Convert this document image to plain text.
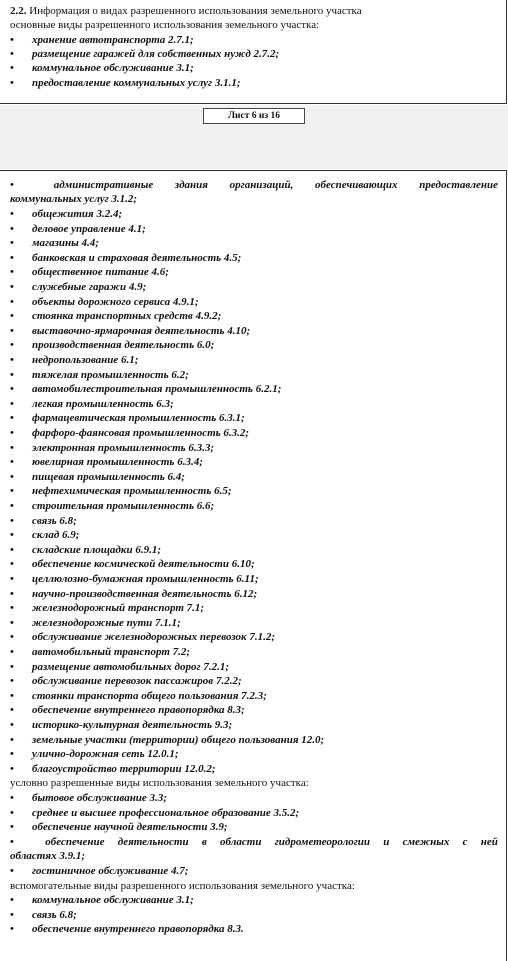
2.2. Информация о видах разрешенного использования земельного участка
основные виды разрешенного использования земельного участка:
• хранение автотранспорта 2.7.1;
• размещение гаражей для собственных нужд 2.7.2;
• коммунальное обслуживание 3.1;
• предоставление коммунальных услуг 3.1.1;
Лист 6 из 16
•	административные здания организаций, обеспечивающих предоставление
коммунальных услуг 3.1.2;
• общежития 3.2.4;
• деловое управление 4.1;
• магазины 4.4;
• банковская и страховая деятельность 4.5;
• общественное питание 4.6;
• служебные гаражи 4.9;
• объекты дорожного сервиса 4.9.1;
• стоянка транспортных средств 4.9.2;
• выставочно-ярмарочная деятельность 4.10;
• производственная деятельность 6.0;
• недропользование 6.1;
• тяжелая промышленность 6.2;
• автомобилестроительная промышленность 6.2.1;
• легкая промышленность 6.3;
• фармацевтическая промышленность 6.3.1;
• фарфоро-фаянсовая промышленность 6.3.2;
• электронная промышленность 6.3.3;
• ювелирная промышленность 6.3.4;
• пищевая промышленность 6.4;
• нефтехимическая промышленность 6.5;
• строительная промышленность 6.6;
• связь 6.8;
• склад 6.9;
• складские площадки 6.9.1;
• обеспечение космической деятельности 6.10;
• целлюлозно-бумажная промышленность 6.11;
• научно-производственная деятельность 6.12;
• железнодорожный транспорт 7.1;
• железнодорожные пути 7.1.1;
• обслуживание железнодорожных перевозок 7.1.2;
• автомобильный транспорт 7.2;
• размещение автомобильных дорог 7.2.1;
• обслуживание перевозок пассажиров 7.2.2;
• стоянки транспорта общего пользования 7.2.3;
• обеспечение внутреннего правопорядка 8.3;
• историко-культурная деятельность 9.3;
• земельные участки (территории) общего пользования 12.0;
• улично-дорожная сеть 12.0.1;
• благоустройство территории 12.0.2;
условно разрешенные виды использования земельного участка:
• бытовое обслуживание 3.3;
• среднее и высшее профессиональное образование 3.5.2;
• обеспечение научной деятельности 3.9;
•	обеспечение деятельности в области гидрометеорологии и смежных с ней
областях 3.9.1;
• гостиничное обслуживание 4.7;
вспомогательные виды разрешенного использования земельного участка:
• коммунальное обслуживание 3.1;
• связь 6.8;
• обеспечение внутреннего правопорядка 8.3.
